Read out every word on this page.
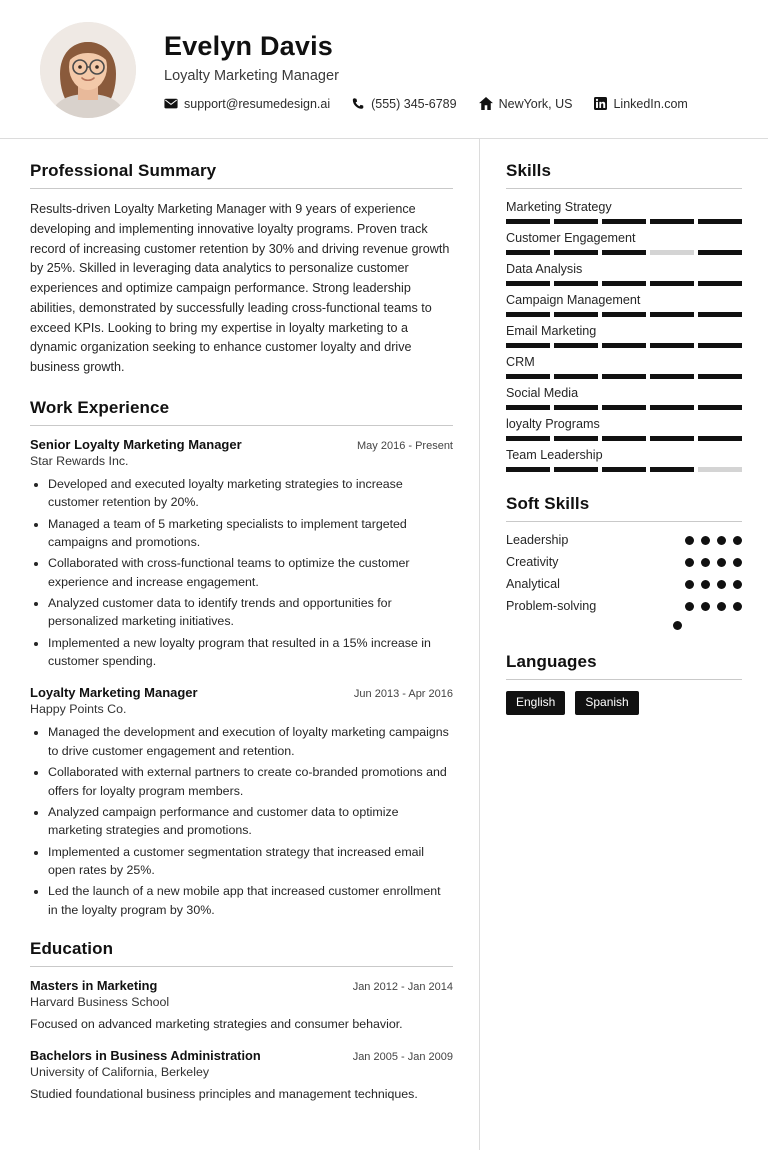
Evelyn Davis
Loyalty Marketing Manager
support@resumedesign.ai	(555) 345-6789	NewYork, US	LinkedIn.com
Professional Summary
Results-driven Loyalty Marketing Manager with 9 years of experience developing and implementing innovative loyalty programs. Proven track record of increasing customer retention by 30% and driving revenue growth by 25%. Skilled in leveraging data analytics to personalize customer experiences and optimize campaign performance. Strong leadership abilities, demonstrated by successfully leading cross-functional teams to exceed KPIs. Looking to bring my expertise in loyalty marketing to a dynamic organization seeking to enhance customer loyalty and drive business growth.
Work Experience
Senior Loyalty Marketing Manager	May 2016 - Present
Star Rewards Inc.
• Developed and executed loyalty marketing strategies to increase customer retention by 20%.
• Managed a team of 5 marketing specialists to implement targeted campaigns and promotions.
• Collaborated with cross-functional teams to optimize the customer experience and increase engagement.
• Analyzed customer data to identify trends and opportunities for personalized marketing initiatives.
• Implemented a new loyalty program that resulted in a 15% increase in customer spending.
Loyalty Marketing Manager	Jun 2013 - Apr 2016
Happy Points Co.
• Managed the development and execution of loyalty marketing campaigns to drive customer engagement and retention.
• Collaborated with external partners to create co-branded promotions and offers for loyalty program members.
• Analyzed campaign performance and customer data to optimize marketing strategies and promotions.
• Implemented a customer segmentation strategy that increased email open rates by 25%.
• Led the launch of a new mobile app that increased customer enrollment in the loyalty program by 30%.
Education
Masters in Marketing	Jan 2012 - Jan 2014
Harvard Business School
Focused on advanced marketing strategies and consumer behavior.
Bachelors in Business Administration	Jan 2005 - Jan 2009
University of California, Berkeley
Studied foundational business principles and management techniques.
Skills
Marketing Strategy
Customer Engagement
Data Analysis
Campaign Management
Email Marketing
CRM
Social Media
loyalty Programs
Team Leadership
Soft Skills
Leadership
Creativity
Analytical
Problem-solving
Languages
English	Spanish
